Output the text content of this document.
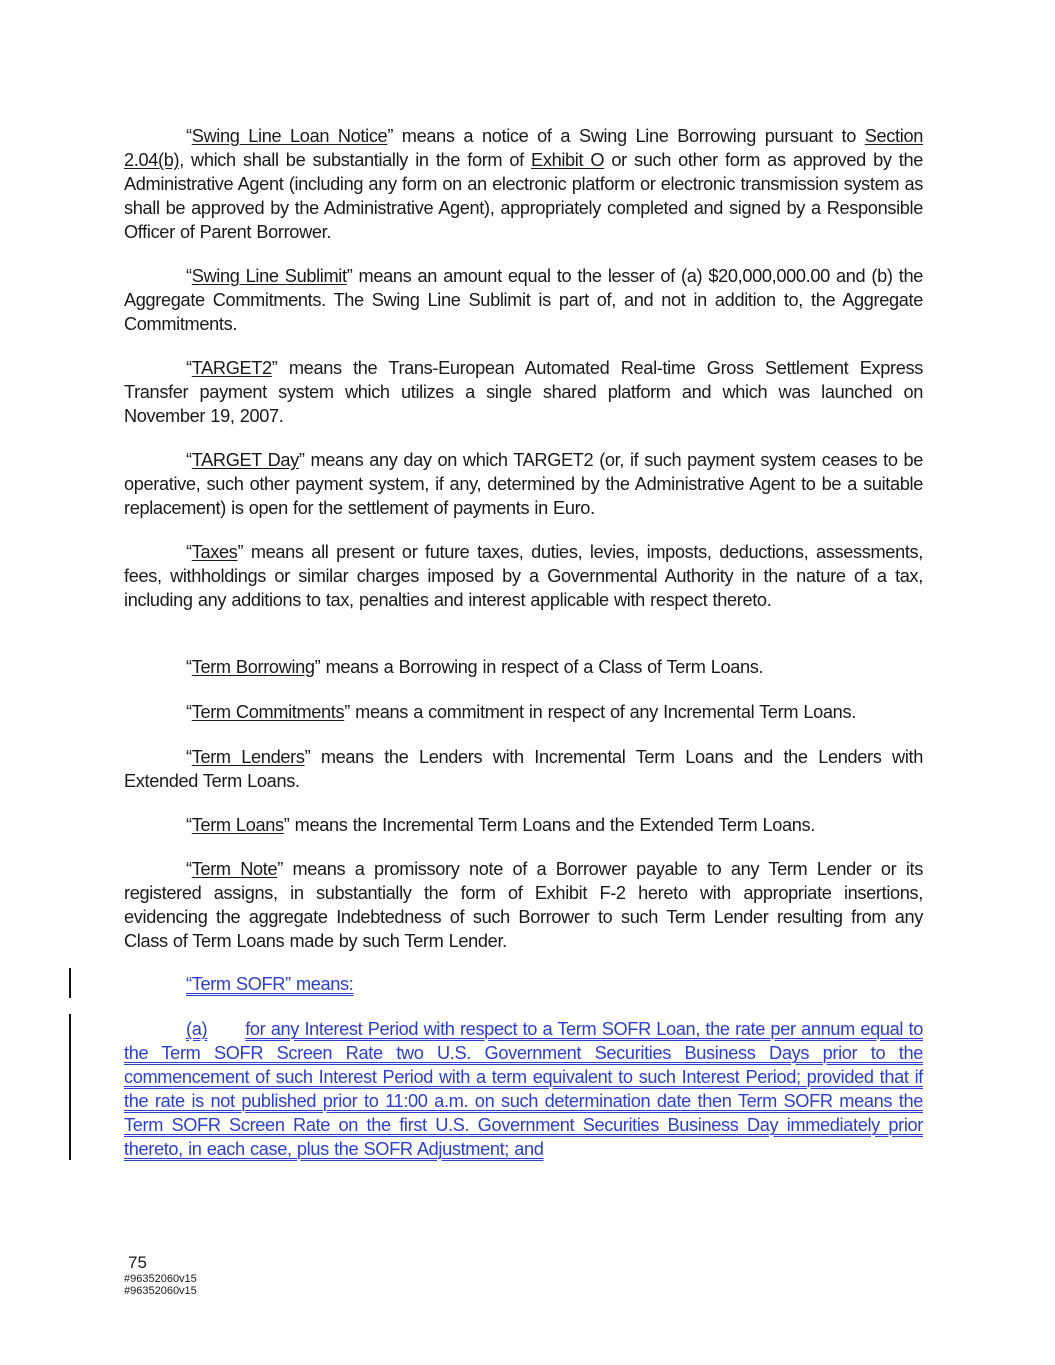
“Swing Line Loan Notice” means a notice of a Swing Line Borrowing pursuant to Section 2.04(b), which shall be substantially in the form of Exhibit O or such other form as approved by the Administrative Agent (including any form on an electronic platform or electronic transmission system as shall be approved by the Administrative Agent), appropriately completed and signed by a Responsible Officer of Parent Borrower.

“Swing Line Sublimit” means an amount equal to the lesser of (a) $20,000,000.00 and (b) the Aggregate Commitments. The Swing Line Sublimit is part of, and not in addition to, the Aggregate Commitments.

“TARGET2” means the Trans-European Automated Real-time Gross Settlement Express Transfer payment system which utilizes a single shared platform and which was launched on November 19, 2007.

“TARGET Day” means any day on which TARGET2 (or, if such payment system ceases to be operative, such other payment system, if any, determined by the Administrative Agent to be a suitable replacement) is open for the settlement of payments in Euro.

“Taxes” means all present or future taxes, duties, levies, imposts, deductions, assessments, fees, withholdings or similar charges imposed by a Governmental Authority in the nature of a tax, including any additions to tax, penalties and interest applicable with respect thereto.

“Term Borrowing” means a Borrowing in respect of a Class of Term Loans.

“Term Commitments” means a commitment in respect of any Incremental Term Loans.

“Term Lenders” means the Lenders with Incremental Term Loans and the Lenders with Extended Term Loans.

“Term Loans” means the Incremental Term Loans and the Extended Term Loans.

“Term Note” means a promissory note of a Borrower payable to any Term Lender or its registered assigns, in substantially the form of Exhibit F-2 hereto with appropriate insertions, evidencing the aggregate Indebtedness of such Borrower to such Term Lender resulting from any Class of Term Loans made by such Term Lender.

“Term SOFR” means:

(a) for any Interest Period with respect to a Term SOFR Loan, the rate per annum equal to the Term SOFR Screen Rate two U.S. Government Securities Business Days prior to the commencement of such Interest Period with a term equivalent to such Interest Period; provided that if the rate is not published prior to 11:00 a.m. on such determination date then Term SOFR means the Term SOFR Screen Rate on the first U.S. Government Securities Business Day immediately prior thereto, in each case, plus the SOFR Adjustment; and

75
#96352060v15
#96352060v15
